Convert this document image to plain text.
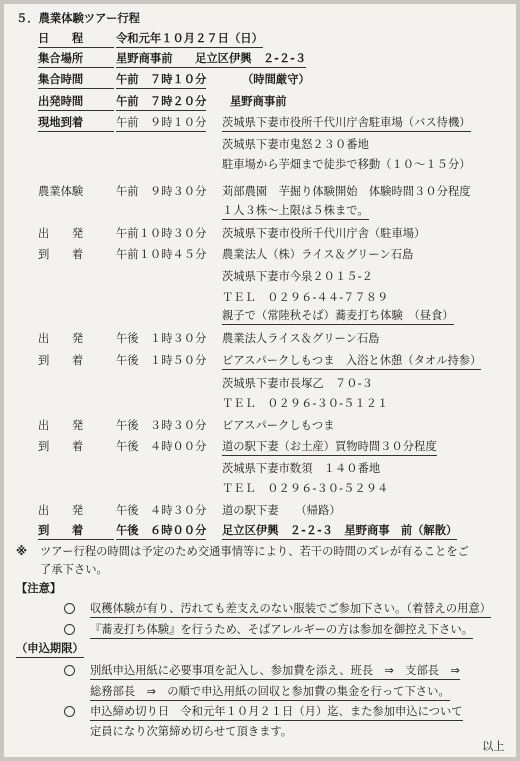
５．農業体験ツアー行程
日　　程	令和元年１０月２７日（日）
集合場所	星野商事前　　足立区伊興　２-２-３
集合時間	午前　７時１０分	（時間厳守）
出発時間	午前　７時２０分 星野商事前
現地到着	午前　９時１０分 茨城県下妻市役所千代川庁舎駐車場（バス待機）
茨城県下妻市鬼怒２３０番地
駐車場から芋畑まで徒歩で移動（１０～１５分）
農業体験	午前　９時３０分 苅部農園　芋掘り体験開始　体験時間３０分程度
１人３株～上限は５株まで。
出　　発	午前１０時３０分 茨城県下妻市役所千代川庁舎（駐車場）
到　　着	午前１０時４５分 農業法人（株）ライス＆グリーン石島
茨城県下妻市今泉２０１５-２
ＴＥＬ　０２９６-４４-７７８９
親子で（常陸秋そば）蕎麦打ち体験　（昼食）
出　　発	午後　１時３０分 農業法人ライス＆グリーン石島
到　　着	午後　１時５０分 ビアスパークしもつま　入浴と休憩（タオル持参）
茨城県下妻市長塚乙　７０-３
ＴＥＬ　０２９６-３０-５１２１
出　　発	午後　３時３０分 ビアスパークしもつま
到　　着	午後　４時００分 道の駅下妻（お土産）買物時間３０分程度
茨城県下妻市数須　１４０番地
ＴＥＬ　０２９６-３０-５２９４
出　　発	午後　４時３０分 道の駅下妻　　（帰路）
到　　着	午後　６時００分 足立区伊興　２-２-３　星野商事　前（解散）
※ ツアー行程の時間は予定のため交通事情等により、若干の時間のズレが有ることをご
了承下さい。
【注意】
収穫体験が有り、汚れても差支えのない服装でご参加下さい。（着替えの用意）
『蕎麦打ち体験』を行うため、そばアレルギーの方は参加を御控え下さい。
（申込期限）
別紙申込用紙に必要事項を記入し、参加費を添え、班長　⇒　支部長　⇒
総務部長　⇒　の順で申込用紙の回収と参加費の集金を行って下さい。
申込締め切り日　令和元年１０月２１日（月）迄、また参加申込について
定員になり次第締め切らせて頂きます。
以上
